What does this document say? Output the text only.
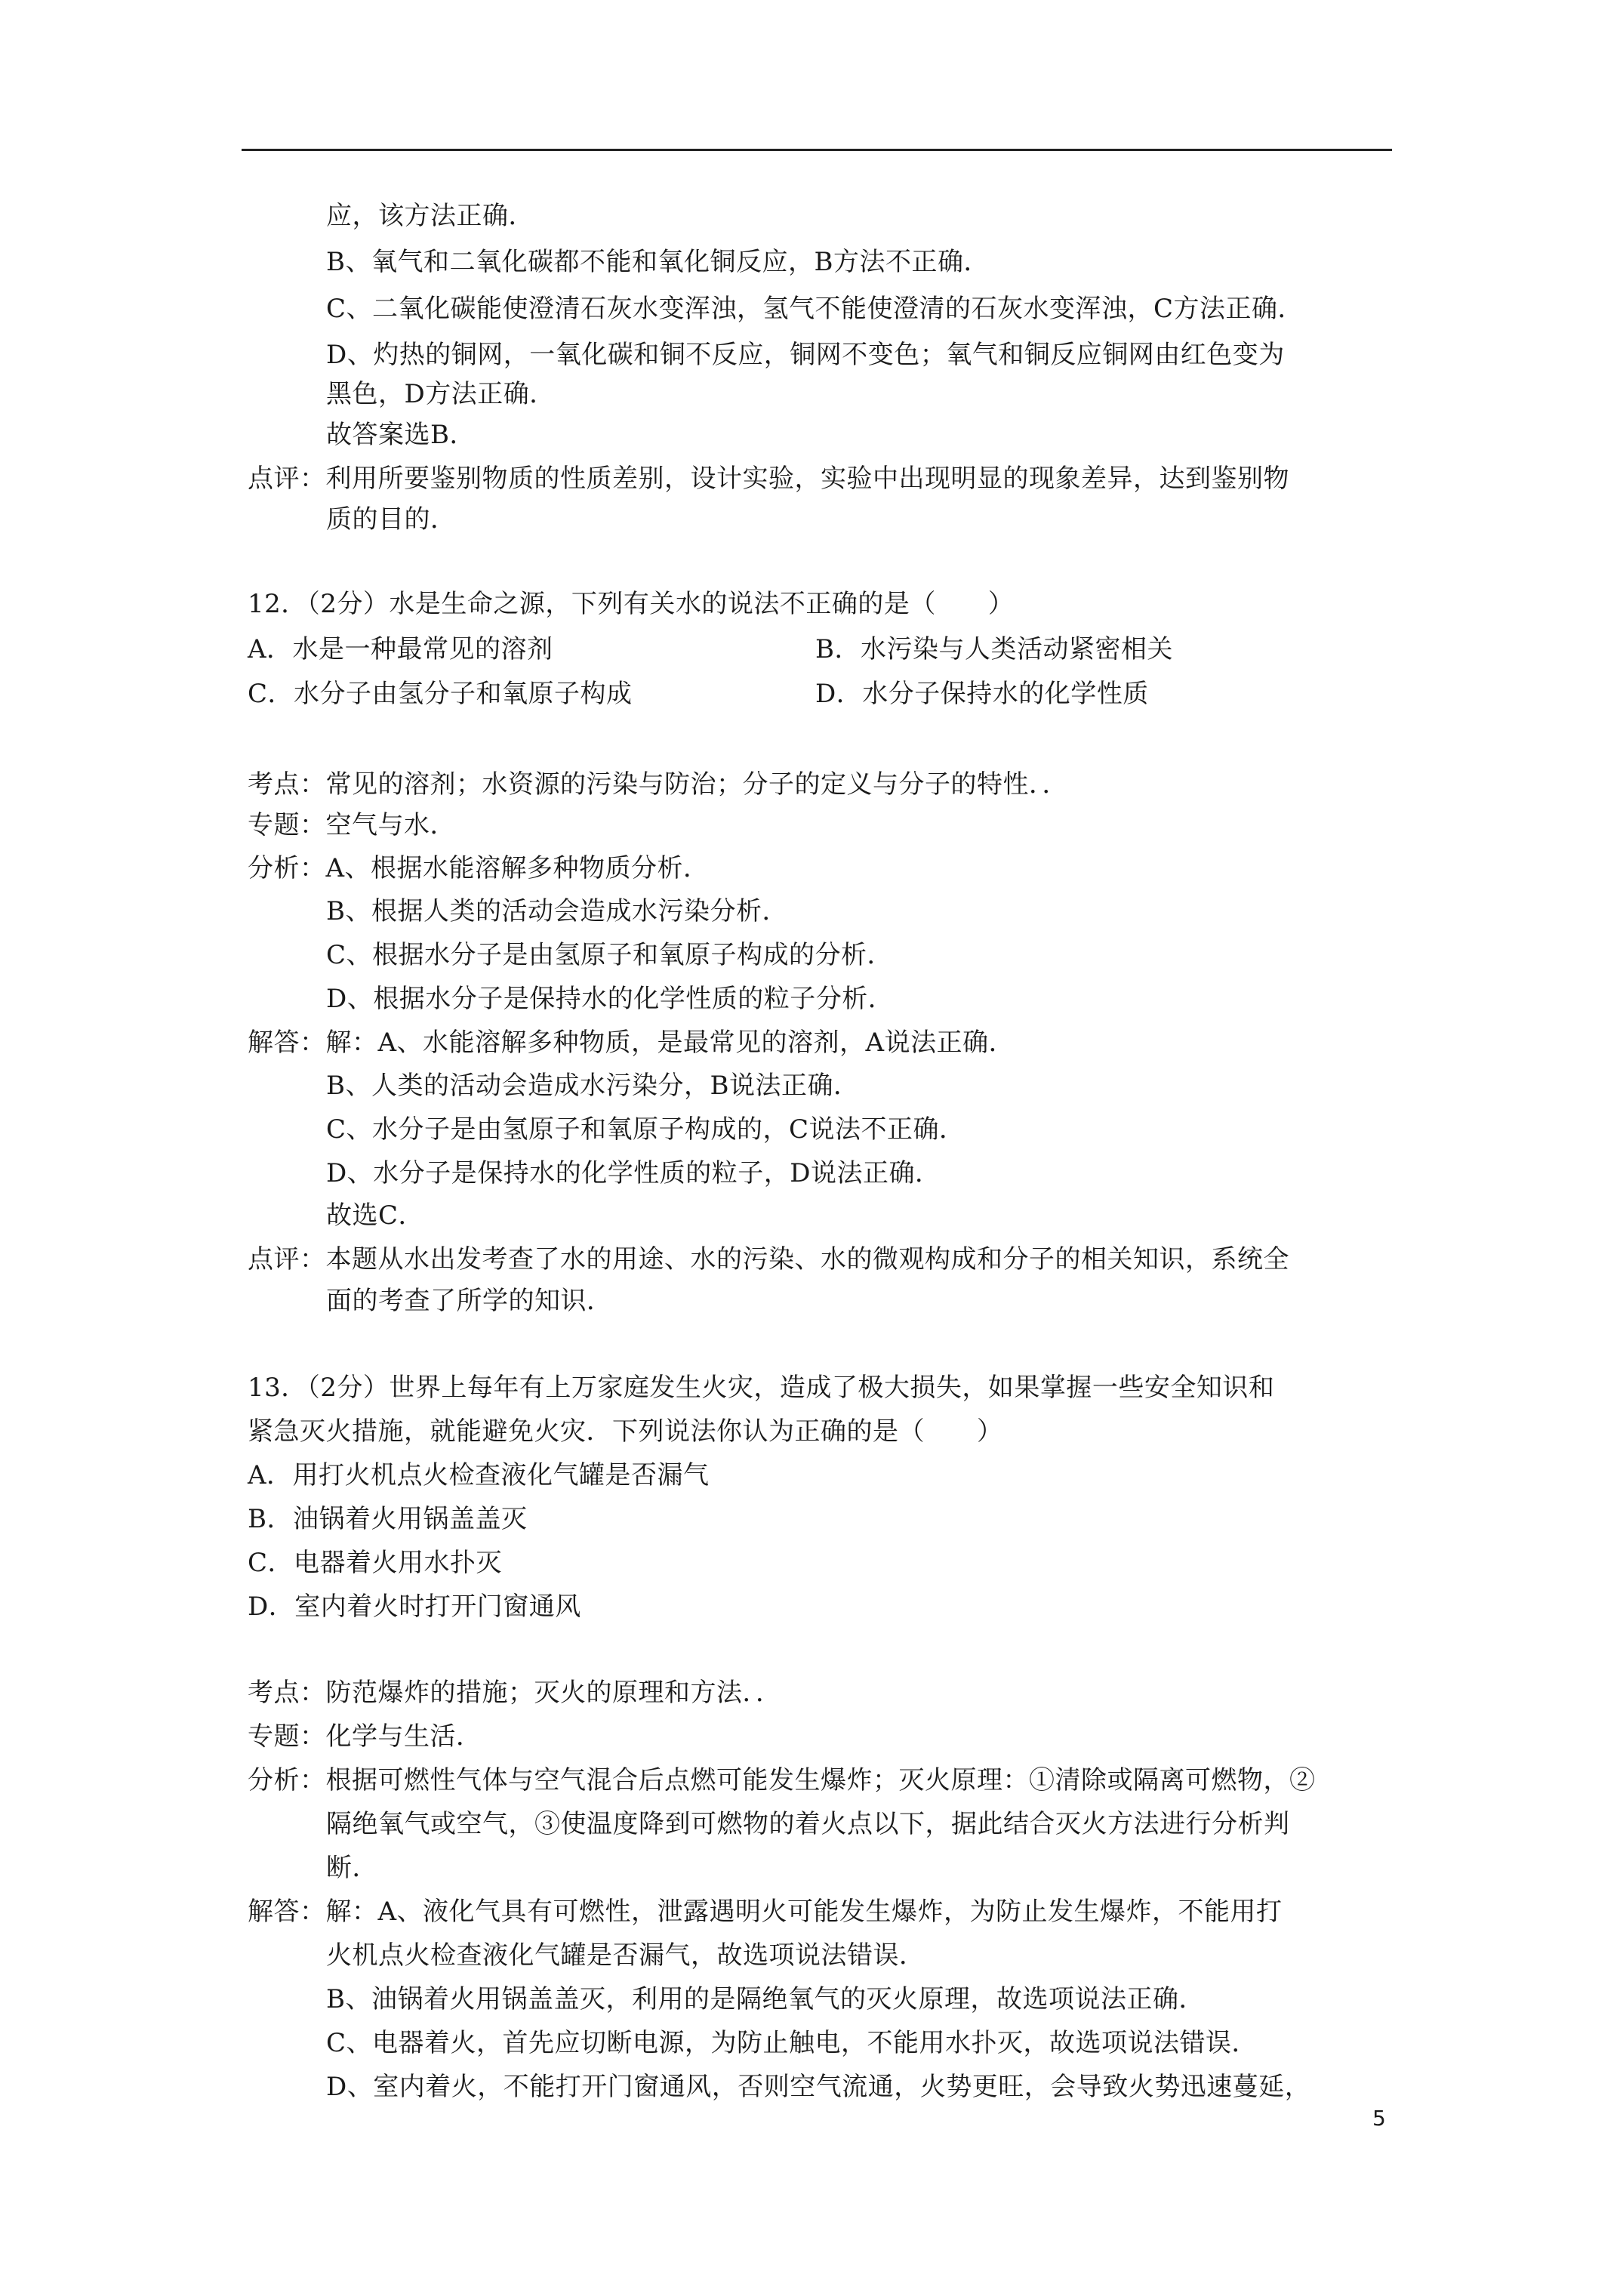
应，该方法正确．
B、氧气和二氧化碳都不能和氧化铜反应，B方法不正确．
C、二氧化碳能使澄清石灰水变浑浊，氢气不能使澄清的石灰水变浑浊，C方法正确．
D、灼热的铜网，一氧化碳和铜不反应，铜网不变色；氧气和铜反应铜网由红色变为
黑色，D方法正确．
故答案选B．
点评：利用所要鉴别物质的性质差别，设计实验，实验中出现明显的现象差异，达到鉴别物
质的目的．
12．（2分）水是生命之源，下列有关水的说法不正确的是（　　）
A．水是一种最常见的溶剂	B．水污染与人类活动紧密相关
C．水分子由氢分子和氧原子构成	D．水分子保持水的化学性质
考点：常见的溶剂；水资源的污染与防治；分子的定义与分子的特性．．
专题：空气与水．
分析：A、根据水能溶解多种物质分析．
B、根据人类的活动会造成水污染分析．
C、根据水分子是由氢原子和氧原子构成的分析．
D、根据水分子是保持水的化学性质的粒子分析．
解答：解：A、水能溶解多种物质，是最常见的溶剂，A说法正确．
B、人类的活动会造成水污染分，B说法正确．
C、水分子是由氢原子和氧原子构成的，C说法不正确．
D、水分子是保持水的化学性质的粒子，D说法正确．
故选C．
点评：本题从水出发考查了水的用途、水的污染、水的微观构成和分子的相关知识，系统全
面的考查了所学的知识．
13．（2分）世界上每年有上万家庭发生火灾，造成了极大损失，如果掌握一些安全知识和
紧急灭火措施，就能避免火灾．下列说法你认为正确的是（　　）
A．用打火机点火检查液化气罐是否漏气
B．油锅着火用锅盖盖灭
C．电器着火用水扑灭
D．室内着火时打开门窗通风
考点：防范爆炸的措施；灭火的原理和方法．．
专题：化学与生活．
分析：根据可燃性气体与空气混合后点燃可能发生爆炸；灭火原理：①清除或隔离可燃物，②
隔绝氧气或空气，③使温度降到可燃物的着火点以下，据此结合灭火方法进行分析判
断．
解答：解：A、液化气具有可燃性，泄露遇明火可能发生爆炸，为防止发生爆炸，不能用打
火机点火检查液化气罐是否漏气，故选项说法错误．
B、油锅着火用锅盖盖灭，利用的是隔绝氧气的灭火原理，故选项说法正确．
C、电器着火，首先应切断电源，为防止触电，不能用水扑灭，故选项说法错误．
D、室内着火，不能打开门窗通风，否则空气流通，火势更旺，会导致火势迅速蔓延，
5
